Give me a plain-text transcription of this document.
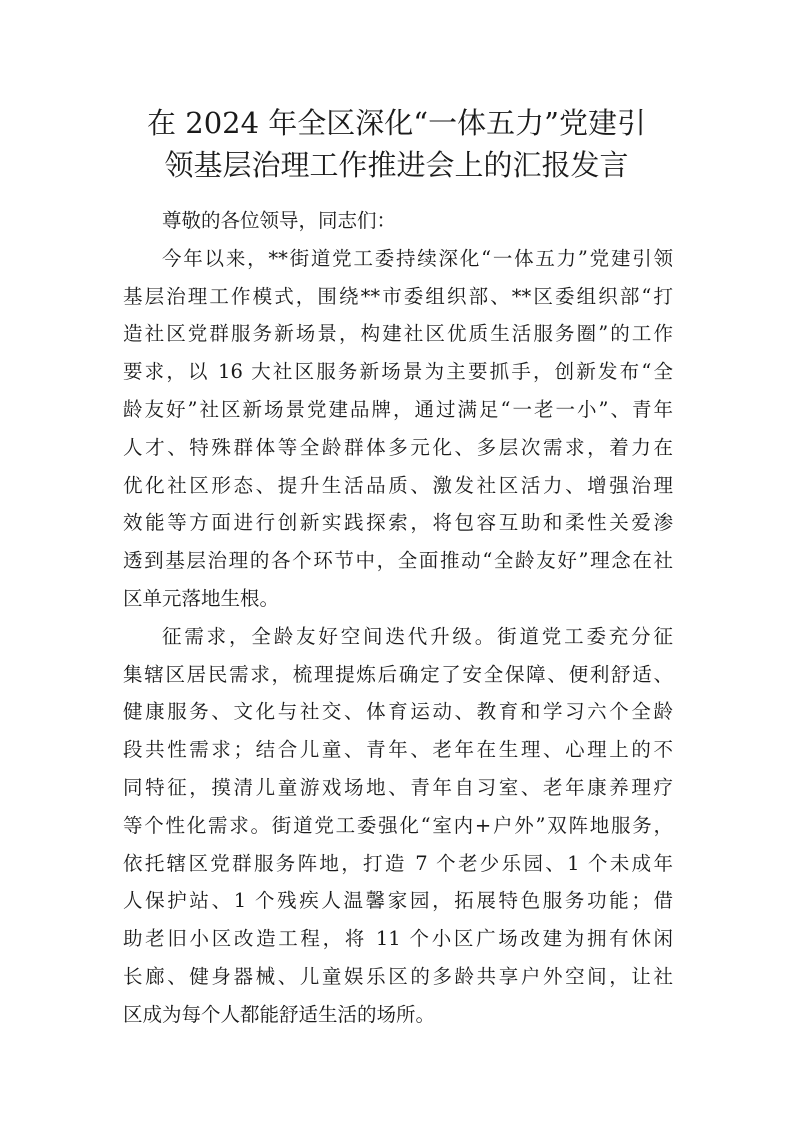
在 2024 年全区深化“一体五力”党建引
领基层治理工作推进会上的汇报发言
尊敬的各位领导，同志们：
今年以来，**街道党工委持续深化“一体五力”党建引领
基层治理工作模式，围绕**市委组织部、**区委组织部“打
造社区党群服务新场景，构建社区优质生活服务圈”的工作
要求，以 16 大社区服务新场景为主要抓手，创新发布“全
龄友好”社区新场景党建品牌，通过满足“一老一小”、青年
人才、特殊群体等全龄群体多元化、多层次需求，着力在
优化社区形态、提升生活品质、激发社区活力、增强治理
效能等方面进行创新实践探索，将包容互助和柔性关爱渗
透到基层治理的各个环节中，全面推动“全龄友好”理念在社
区单元落地生根。
征需求，全龄友好空间迭代升级。街道党工委充分征
集辖区居民需求，梳理提炼后确定了安全保障、便利舒适、
健康服务、文化与社交、体育运动、教育和学习六个全龄
段共性需求；结合儿童、青年、老年在生理、心理上的不
同特征，摸清儿童游戏场地、青年自习室、老年康养理疗
等个性化需求。街道党工委强化“室内+户外”双阵地服务，
依托辖区党群服务阵地，打造 7 个老少乐园、1 个未成年
人保护站、1 个残疾人温馨家园，拓展特色服务功能；借
助老旧小区改造工程，将 11 个小区广场改建为拥有休闲
长廊、健身器械、儿童娱乐区的多龄共享户外空间，让社
区成为每个人都能舒适生活的场所。
